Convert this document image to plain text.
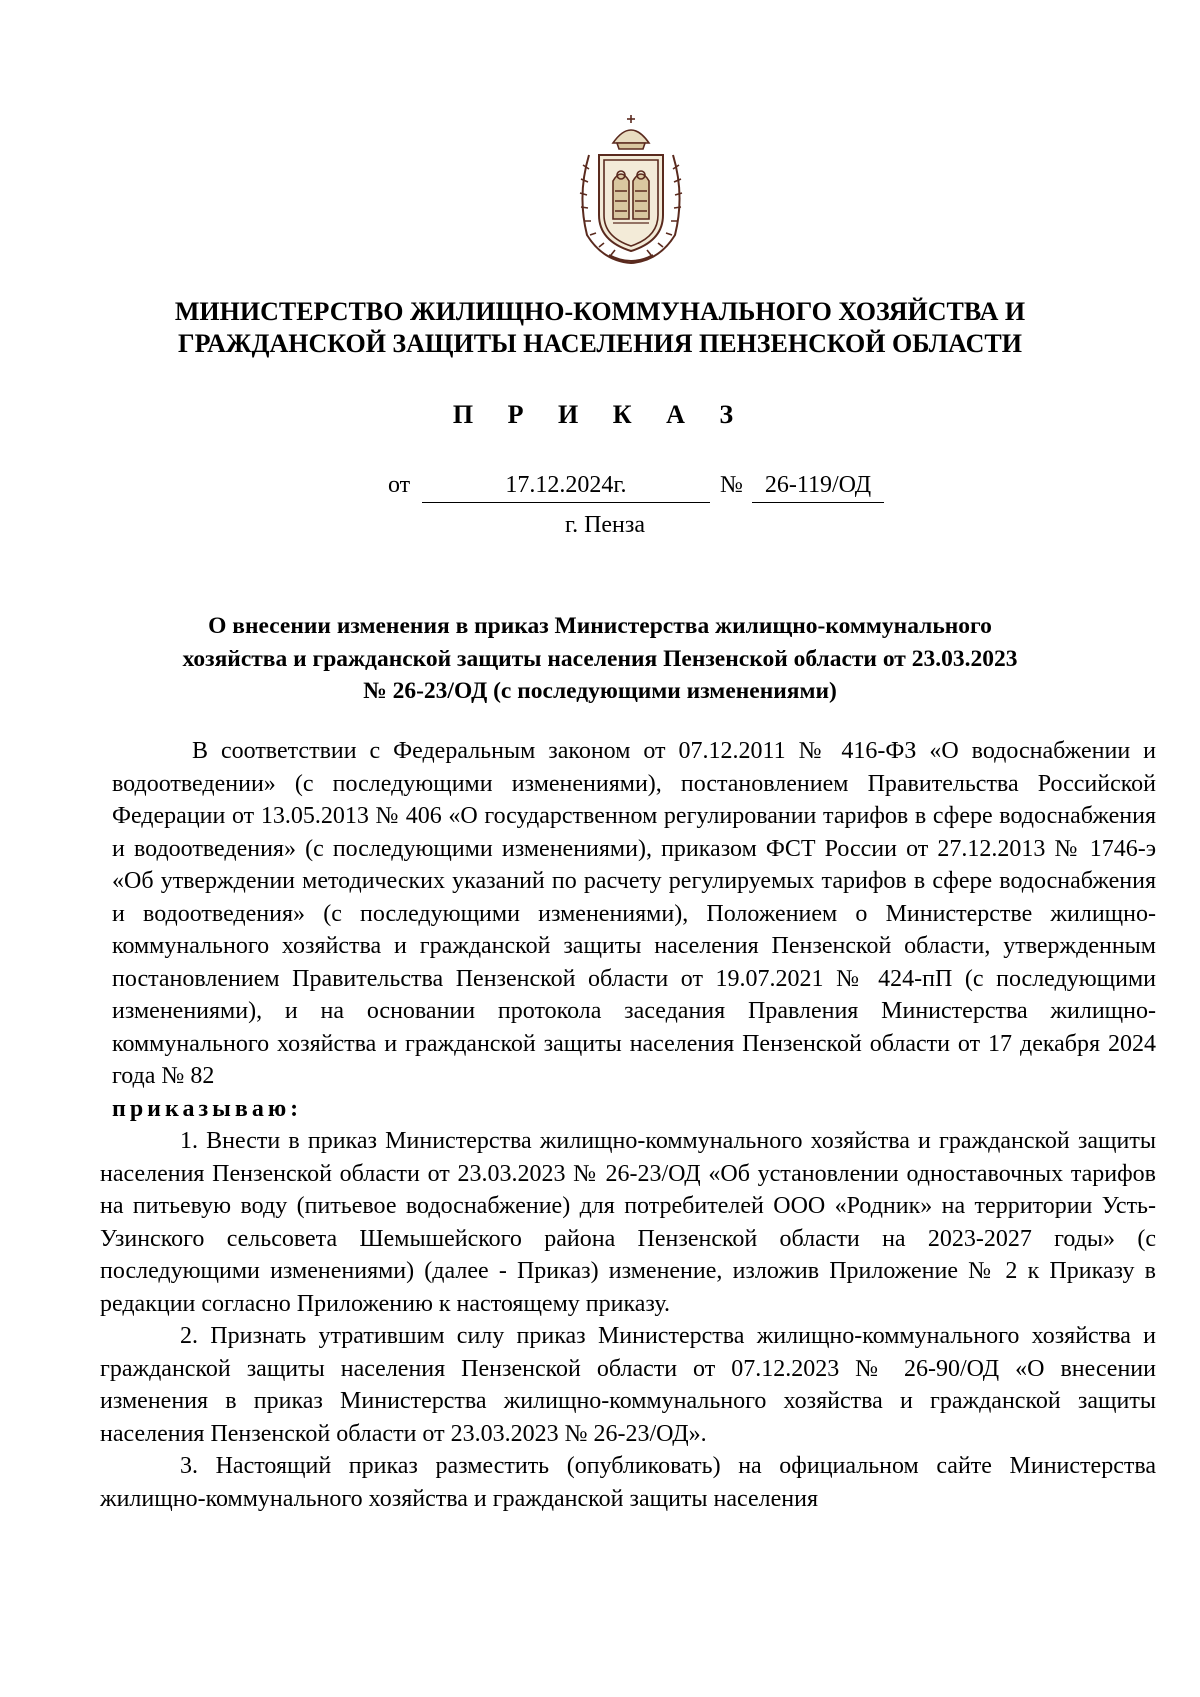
МИНИСТЕРСТВО ЖИЛИЩНО-КОММУНАЛЬНОГО ХОЗЯЙСТВА И
ГРАЖДАНСКОЙ ЗАЩИТЫ НАСЕЛЕНИЯ ПЕНЗЕНСКОЙ ОБЛАСТИ
П Р И К А З
от	17.12.2024г.	№ 26-119/ОД
г. Пенза
О внесении изменения в приказ Министерства жилищно-коммунального
хозяйства и гражданской защиты населения Пензенской области от 23.03.2023
№ 26-23/ОД (с последующими изменениями)

В соответствии с Федеральным законом от 07.12.2011 № 416-ФЗ «О водоснабжении и водоотведении» (с последующими изменениями), постановлением Правительства Российской Федерации от 13.05.2013 № 406 «О государственном регулировании тарифов в сфере водоснабжения и водоотведения» (с последующими изменениями), приказом ФСТ России от 27.12.2013 № 1746-э «Об утверждении методических указаний по расчету регулируемых тарифов в сфере водоснабжения и водоотведения» (с последующими изменениями), Положением о Министерстве жилищно-коммунального хозяйства и гражданской защиты населения Пензенской области, утвержденным постановлением Правительства Пензенской области от 19.07.2021 № 424-пП (с последующими изменениями), и на основании протокола заседания Правления Министерства жилищно-коммунального хозяйства и гражданской защиты населения Пензенской области от 17 декабря 2024 года № 82

приказываю:

1. Внести в приказ Министерства жилищно-коммунального хозяйства и гражданской защиты населения Пензенской области от 23.03.2023 № 26-23/ОД «Об установлении одноставочных тарифов на питьевую воду (питьевое водоснабжение) для потребителей ООО «Родник» на территории Усть-Узинского сельсовета Шемышейского района Пензенской области на 2023-2027 годы» (с последующими изменениями) (далее - Приказ) изменение, изложив Приложение № 2 к Приказу в редакции согласно Приложению к настоящему приказу.

2. Признать утратившим силу приказ Министерства жилищно-коммунального хозяйства и гражданской защиты населения Пензенской области от 07.12.2023 № 26-90/ОД «О внесении изменения в приказ Министерства жилищно-коммунального хозяйства и гражданской защиты населения Пензенской области от 23.03.2023 № 26-23/ОД».

3. Настоящий приказ разместить (опубликовать) на официальном сайте Министерства жилищно-коммунального хозяйства и гражданской защиты населения
